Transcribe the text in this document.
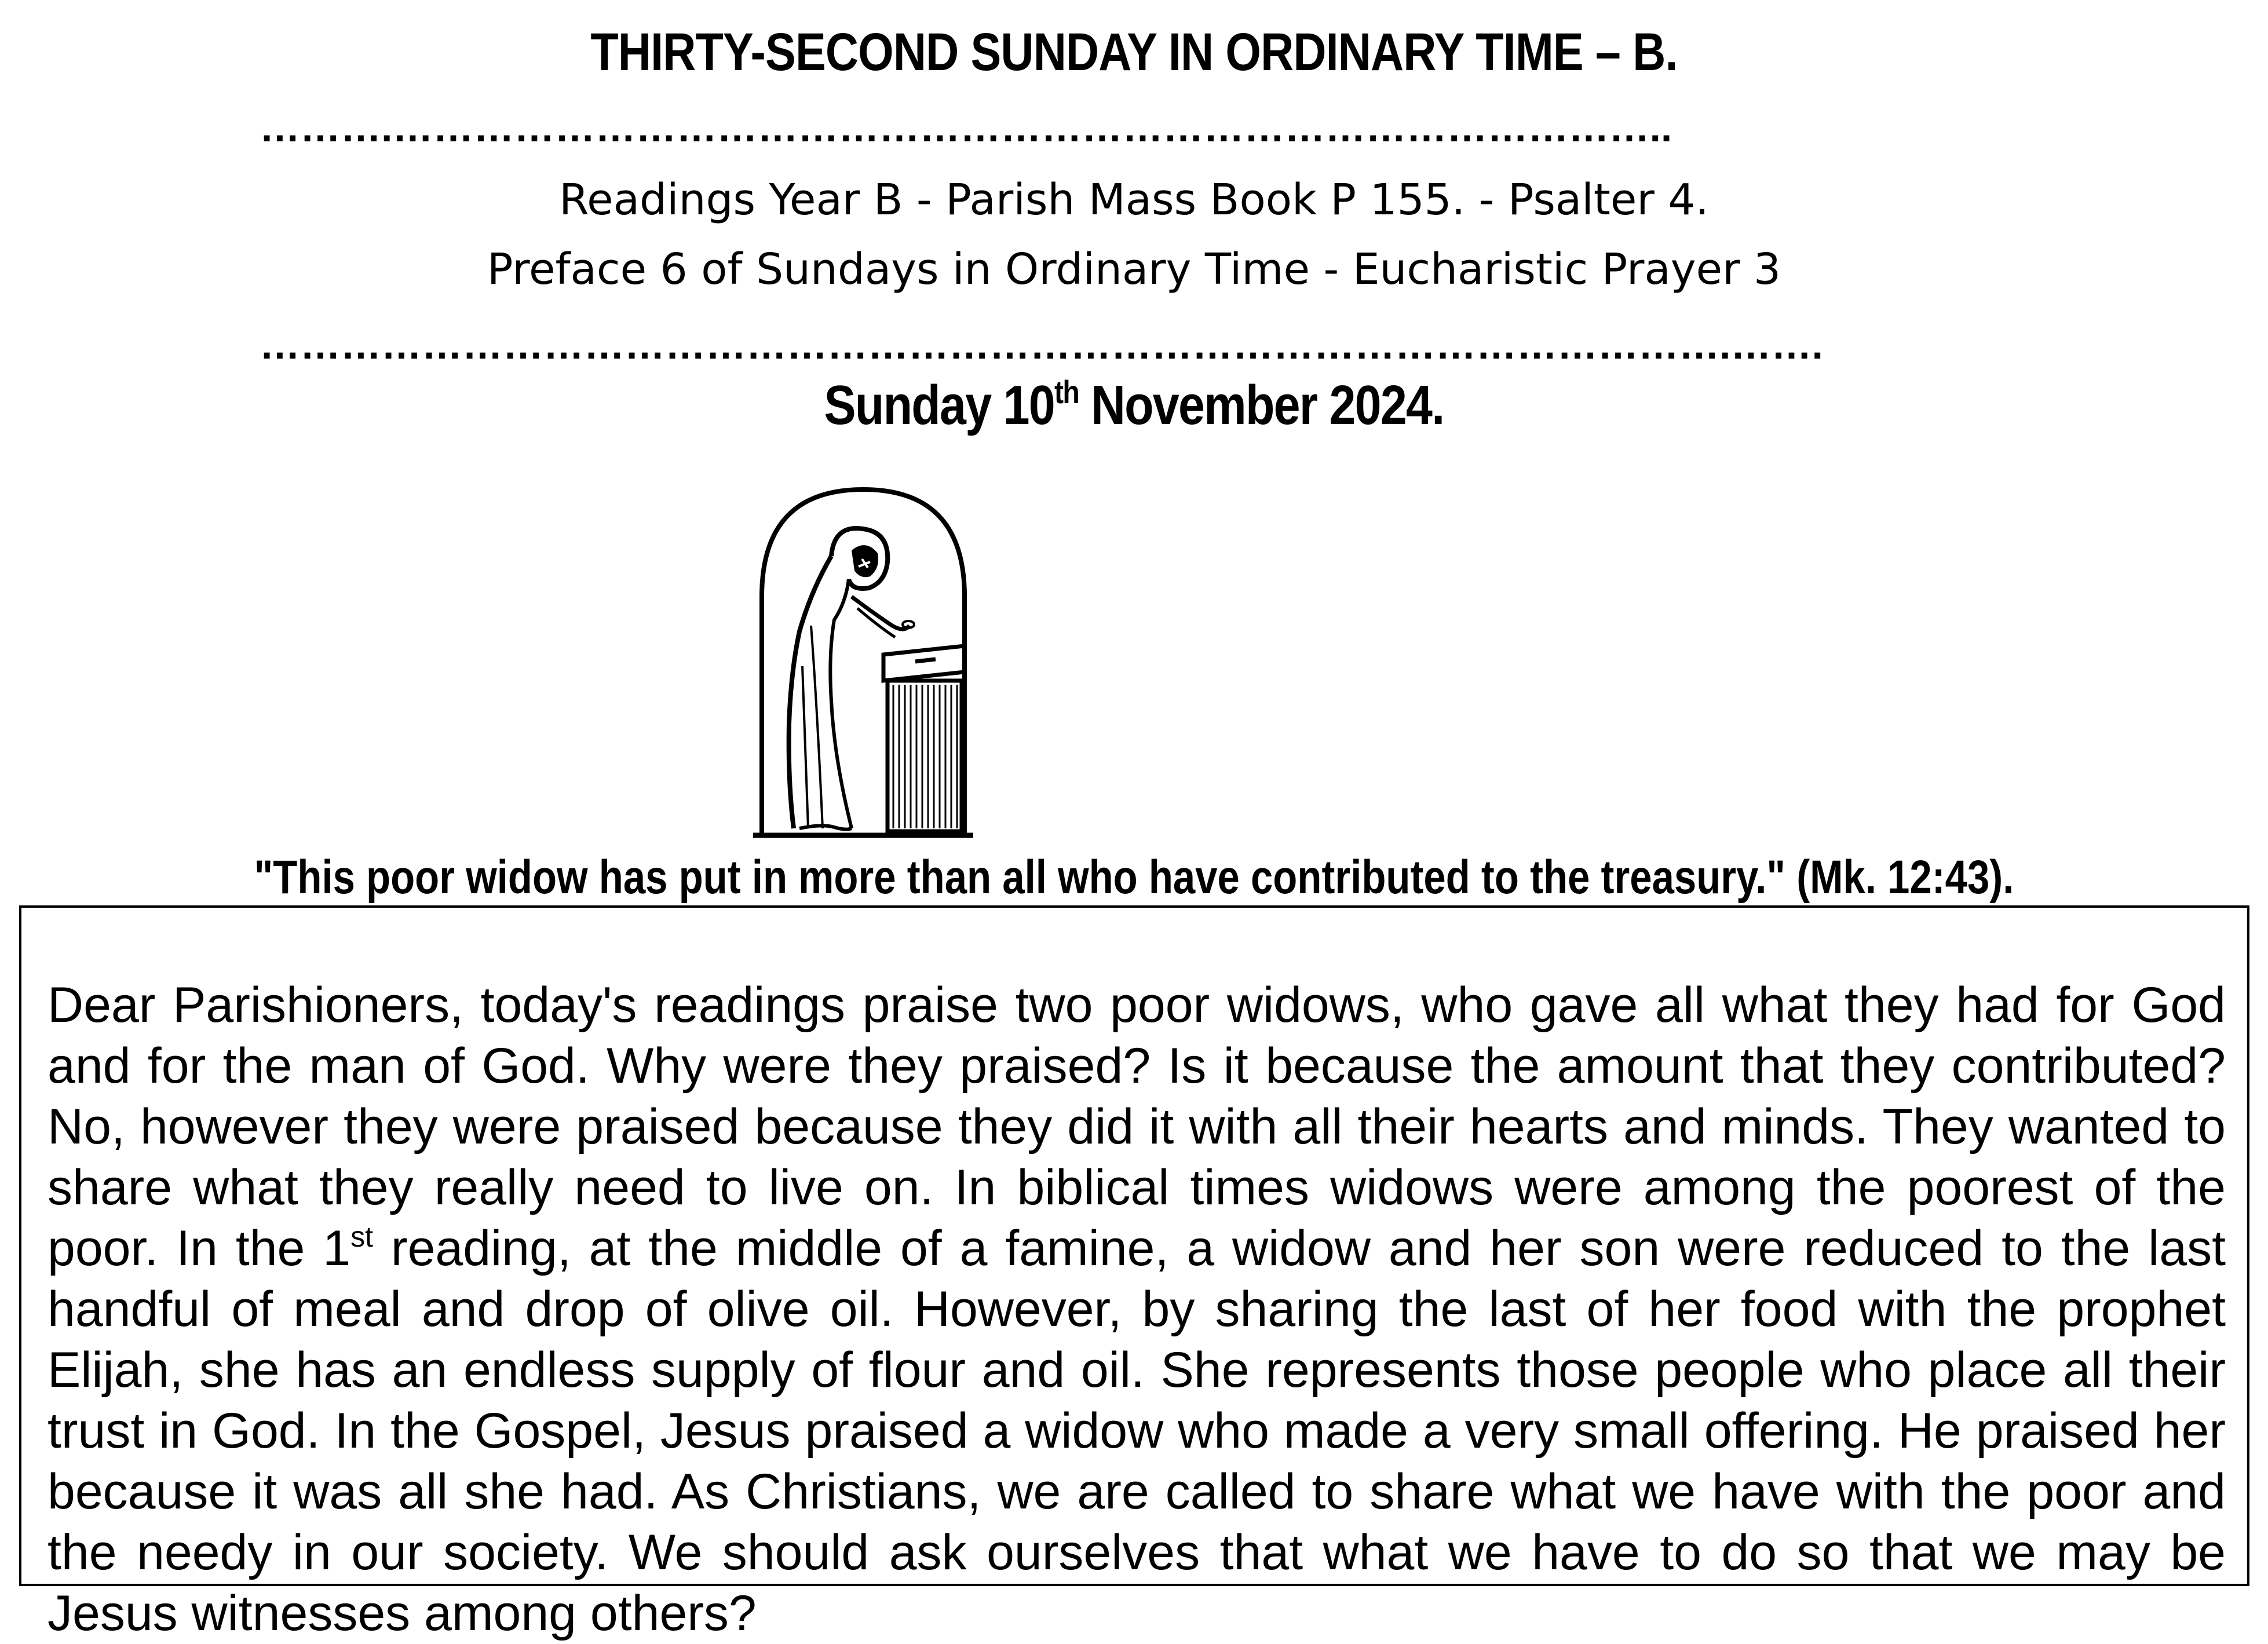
THIRTY-SECOND SUNDAY IN ORDINARY TIME – B.
……….…………………………………………………………………………………..
Readings Year B - Parish Mass Book P 155. - Psalter 4.
Preface 6 of Sundays in Ordinary Time - Eucharistic Prayer 3
……………………………………………………………………………………………….…….
Sunday 10th November 2024.
"This poor widow has put in more than all who have contributed to the treasury." (Mk. 12:43).
Dear Parishioners, today's readings praise two poor widows, who gave all what they had for God and for the man of God. Why were they praised? Is it because the amount that they contributed? No, however they were praised because they did it with all their hearts and minds. They wanted to share what they really need to live on. In biblical times widows were among the poorest of the poor. In the 1st reading, at the middle of a famine, a widow and her son were reduced to the last handful of meal and drop of olive oil. However, by sharing the last of her food with the prophet Elijah, she has an endless supply of flour and oil. She represents those people who place all their trust in God. In the Gospel, Jesus praised a widow who made a very small offering. He praised her because it was all she had. As Christians, we are called to share what we have with the poor and the needy in our society. We should ask ourselves that what we have to do so that we may be Jesus witnesses among others?
